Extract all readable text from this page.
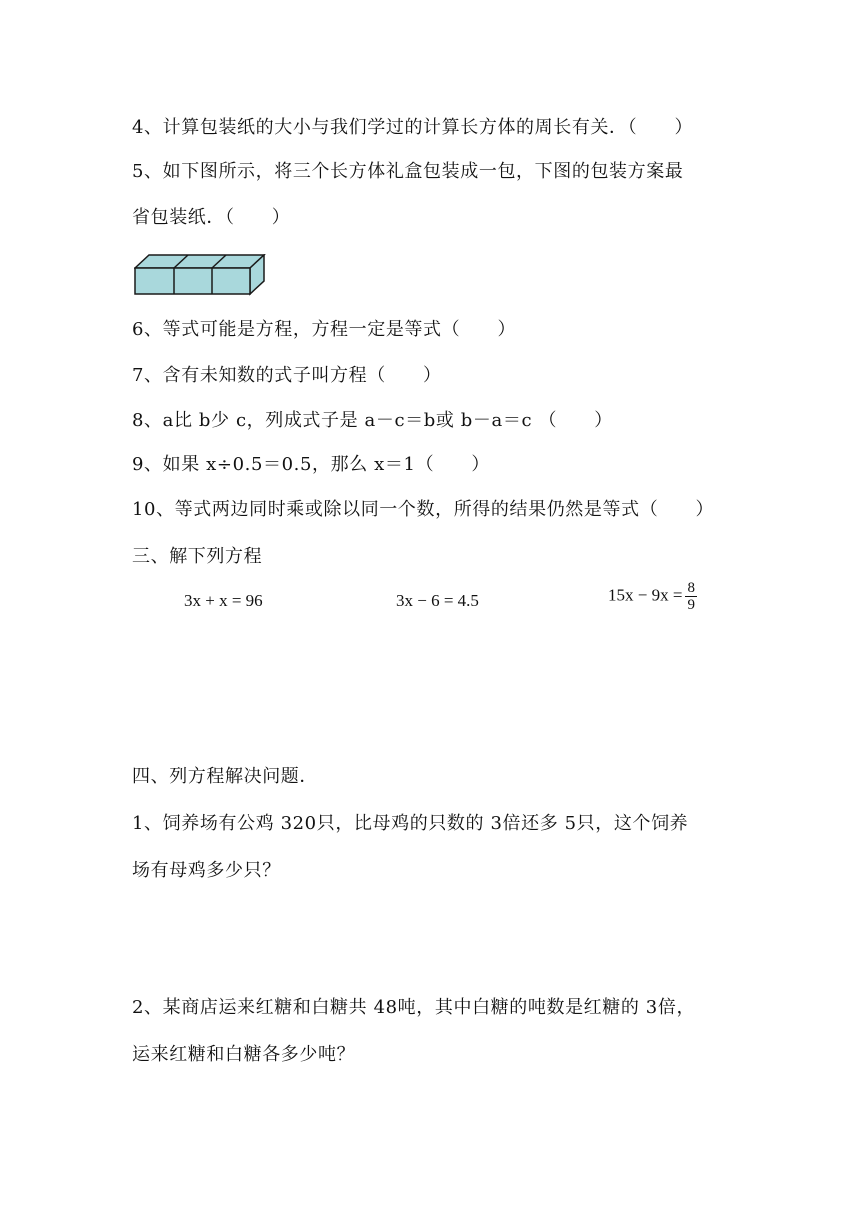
4、计算包装纸的大小与我们学过的计算长方体的周长有关．（　　）
5、如下图所示，将三个长方体礼盒包装成一包，下图的包装方案最
省包装纸．（　　）
6、等式可能是方程，方程一定是等式（　　）
7、含有未知数的式子叫方程（　　）
8、a比 b少 c，列成式子是 a－c＝b或 b－a＝c （　　）
9、如果 x÷0.5＝0.5，那么 x＝1（　　）
10、等式两边同时乘或除以同一个数，所得的结果仍然是等式（　　）
三、解下列方程
3x + x = 96	3x − 6 = 4.5	$15x - 9x = \frac{8}{9}$
四、列方程解决问题．
1、饲养场有公鸡 320只，比母鸡的只数的 3倍还多 5只，这个饲养
场有母鸡多少只？
2、某商店运来红糖和白糖共 48吨，其中白糖的吨数是红糖的 3倍，
运来红糖和白糖各多少吨？
